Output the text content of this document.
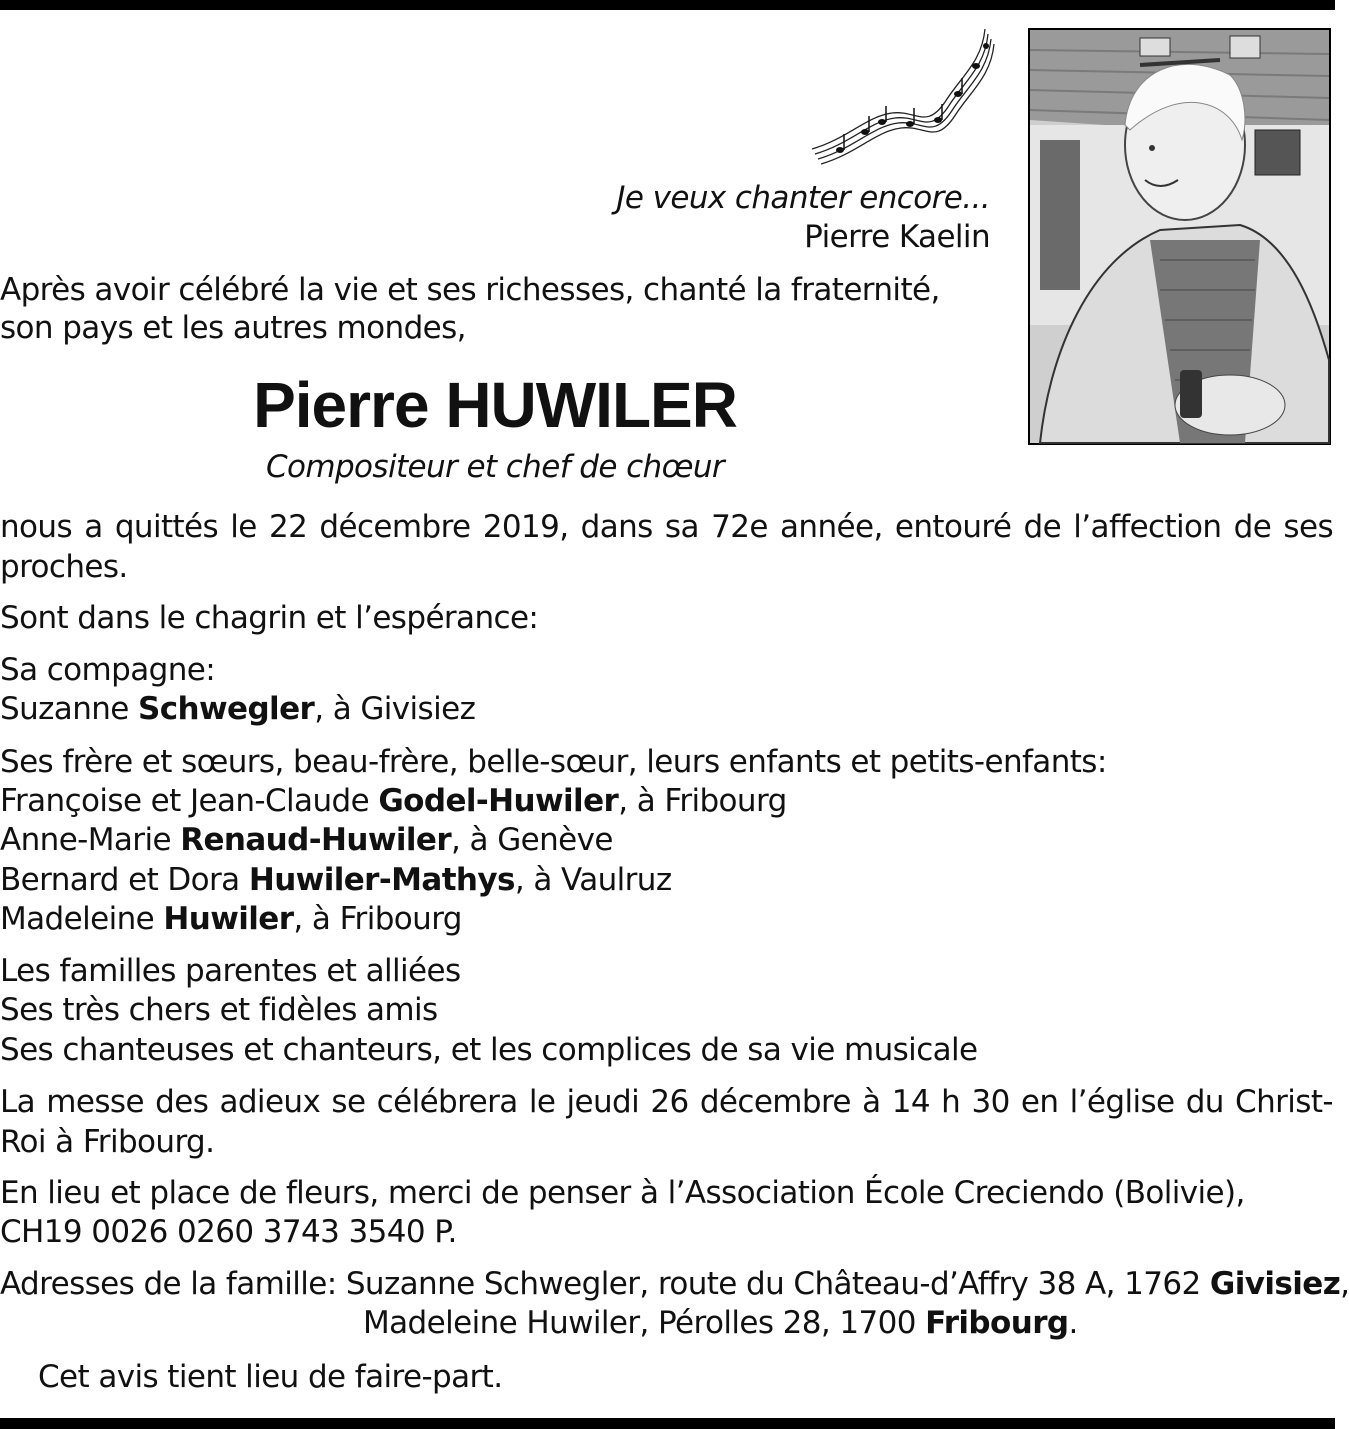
Je veux chanter encore...
Pierre Kaelin
Après avoir célébré la vie et ses richesses, chanté la fraternité,
son pays et les autres mondes,
Pierre HUWILER
Compositeur et chef de chœur
nous a quittés le 22 décembre 2019, dans sa 72e année, entouré de l’affection de ses proches.
Sont dans le chagrin et l’espérance:
Sa compagne:
Suzanne Schwegler, à Givisiez
Ses frère et sœurs, beau-frère, belle-sœur, leurs enfants et petits-enfants:
Françoise et Jean-Claude Godel-Huwiler, à Fribourg
Anne-Marie Renaud-Huwiler, à Genève
Bernard et Dora Huwiler-Mathys, à Vaulruz
Madeleine Huwiler, à Fribourg
Les familles parentes et alliées
Ses très chers et fidèles amis
Ses chanteuses et chanteurs, et les complices de sa vie musicale
La messe des adieux se célébrera le jeudi 26 décembre à 14 h 30 en l’église du Christ-Roi à Fribourg.
En lieu et place de fleurs, merci de penser à l’Association École Creciendo (Bolivie),
CH19 0026 0260 3743 3540 P.
Adresses de la famille: Suzanne Schwegler, route du Château-d’Affry 38 A, 1762 Givisiez,
Madeleine Huwiler, Pérolles 28, 1700 Fribourg.
Cet avis tient lieu de faire-part.
